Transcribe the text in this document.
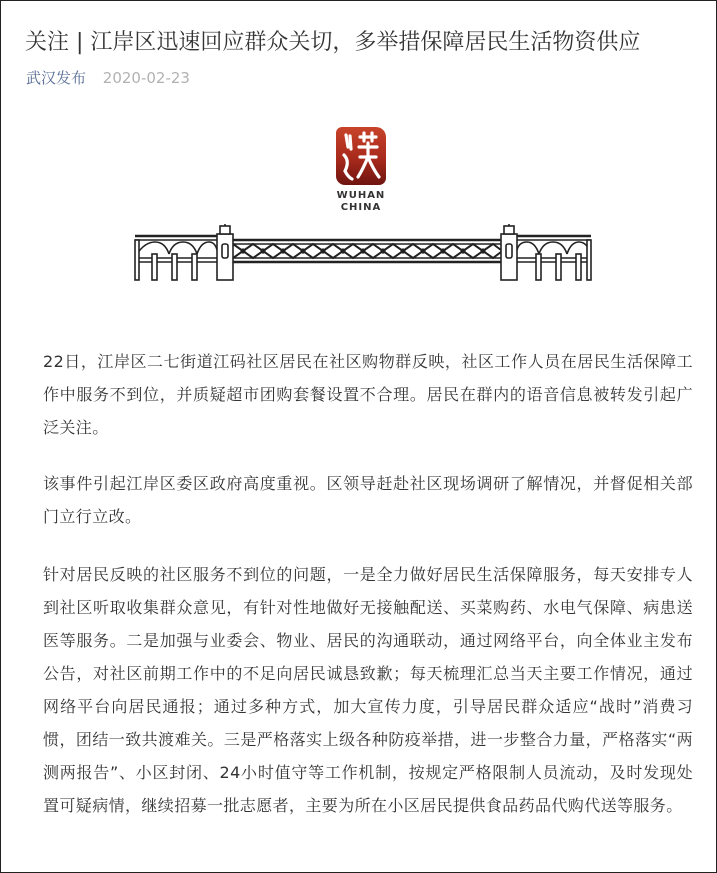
关注 | 江岸区迅速回应群众关切，多举措保障居民生活物资供应
武汉发布 2020-02-23
WUHAN
CHINA

22日，江岸区二七街道江码社区居民在社区购物群反映，社区工作人员在居民生活保障工作中服务不到位，并质疑超市团购套餐设置不合理。居民在群内的语音信息被转发引起广泛关注。

该事件引起江岸区委区政府高度重视。区领导赶赴社区现场调研了解情况，并督促相关部门立行立改。

针对居民反映的社区服务不到位的问题，一是全力做好居民生活保障服务，每天安排专人到社区听取收集群众意见，有针对性地做好无接触配送、买菜购药、水电气保障、病患送医等服务。二是加强与业委会、物业、居民的沟通联动，通过网络平台，向全体业主发布公告，对社区前期工作中的不足向居民诚恳致歉；每天梳理汇总当天主要工作情况，通过网络平台向居民通报；通过多种方式，加大宣传力度，引导居民群众适应“战时”消费习惯，团结一致共渡难关。三是严格落实上级各种防疫举措，进一步整合力量，严格落实“两测两报告”、小区封闭、24小时值守等工作机制，按规定严格限制人员流动，及时发现处置可疑病情，继续招募一批志愿者，主要为所在小区居民提供食品药品代购代送等服务。
